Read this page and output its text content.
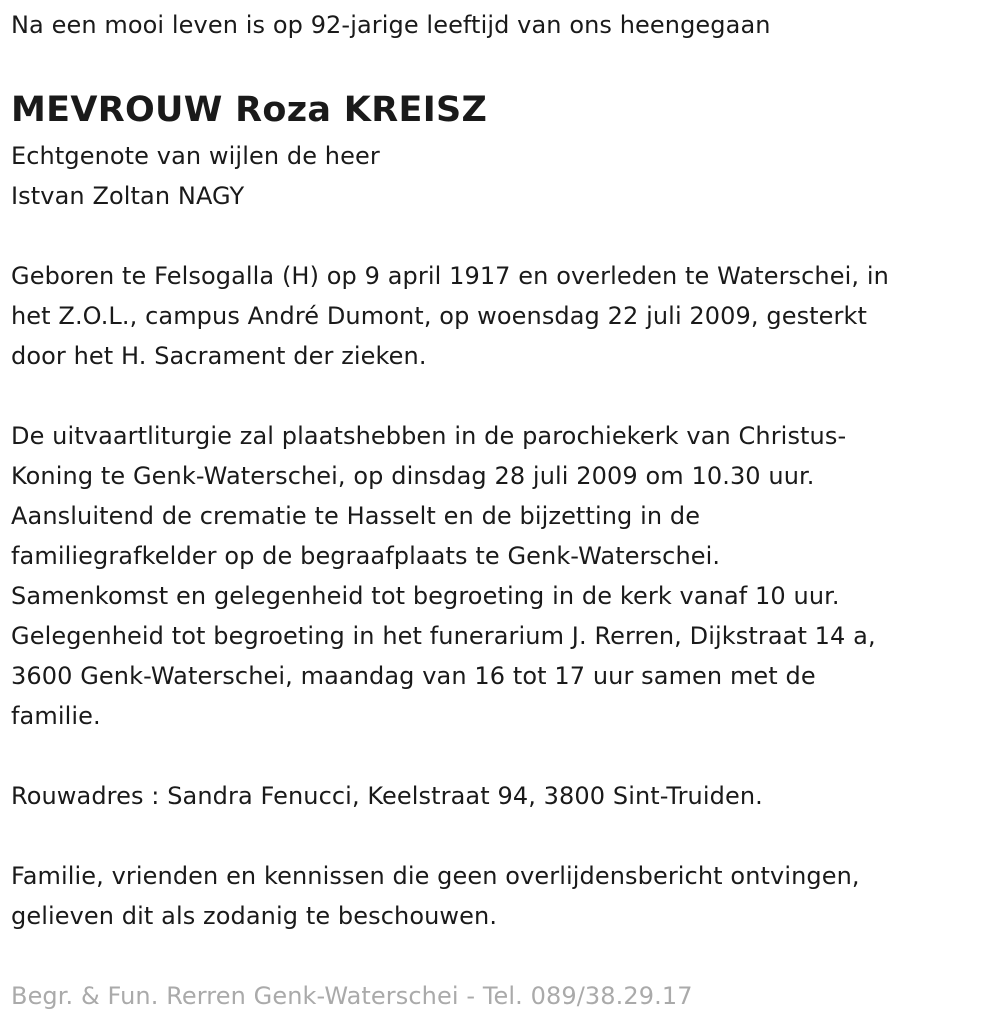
Na een mooi leven is op 92-jarige leeftijd van ons heengegaan
MEVROUW Roza KREISZ
Echtgenote van wijlen de heer
Istvan Zoltan NAGY
Geboren te Felsogalla (H) op 9 april 1917 en overleden te Waterschei, in
het Z.O.L., campus André Dumont, op woensdag 22 juli 2009, gesterkt
door het H. Sacrament der zieken.
De uitvaartliturgie zal plaatshebben in de parochiekerk van Christus-
Koning te Genk-Waterschei, op dinsdag 28 juli 2009 om 10.30 uur.
Aansluitend de crematie te Hasselt en de bijzetting in de
familiegrafkelder op de begraafplaats te Genk-Waterschei.
Samenkomst en gelegenheid tot begroeting in de kerk vanaf 10 uur.
Gelegenheid tot begroeting in het funerarium J. Rerren, Dijkstraat 14 a,
3600 Genk-Waterschei, maandag van 16 tot 17 uur samen met de
familie.
Rouwadres : Sandra Fenucci, Keelstraat 94, 3800 Sint-Truiden.
Familie, vrienden en kennissen die geen overlijdensbericht ontvingen,
gelieven dit als zodanig te beschouwen.
Begr. & Fun. Rerren Genk-Waterschei - Tel. 089/38.29.17
